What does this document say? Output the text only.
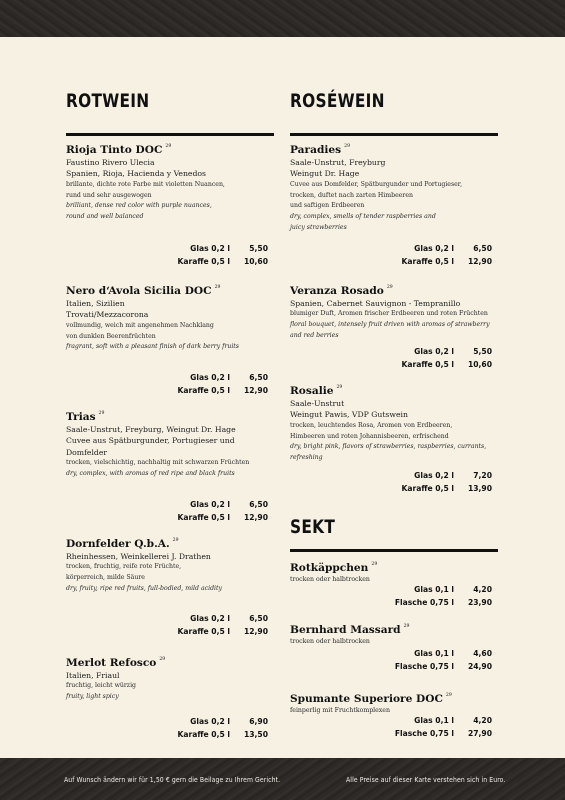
ROTWEIN
Rioja Tinto DOC $^{29}$
Faustino Rivero Ulecia
Spanien, Rioja, Hacienda y Venedos
brillante, dichte rote Farbe mit violetten Nuancen,
rund und sehr ausgewogen
brilliant, dense red color with purple nuances,
round and well balanced
Glas 0,2 l	5,50
Karaffe 0,5 l	10,60
Nero d‘Avola Sicilia DOC $^{29}$
Italien, Sizilien
Trovati/Mezzacorona
vollmundig, weich mit angenehmen Nachklang
von dunklen Beerenfrüchten
fragrant, soft with a pleasant finish of dark berry fruits
Glas 0,2 l	6,50
Karaffe 0,5 l	12,90
Trias $^{29}$
Saale-Unstrut, Freyburg, Weingut Dr. Hage
Cuvee aus Spätburgunder, Portugieser und
Domfelder
trocken, vielschichtig, nachhaltig mit schwarzen Früchten
dry, complex, with aromas of red ripe and black fruits
Glas 0,2 l	6,50
Karaffe 0,5 l	12,90
Dornfelder Q.b.A. $^{29}$
Rheinhessen, Weinkellerei J. Drathen
trocken, fruchtig, reife rote Früchte,
körperreich, milde Säure
dry, fruity, ripe red fruits, full-bodied, mild acidity
Glas 0,2 l	6,50
Karaffe 0,5 l	12,90
Merlot Refosco $^{29}$
Italien, Friaul
fruchtig, leicht würzig
fruity, light spicy
Glas 0,2 l	6,90
Karaffe 0,5 l	13,50
ROSÉWEIN
Paradies $^{29}$
Saale-Unstrut, Freyburg
Weingut Dr. Hage
Cuvee aus Domfelder, Spätburgunder und Portugieser,
trocken, duftet nach zarten Himbeeren
und saftigen Erdbeeren
dry, complex, smells of tender raspberries and
juicy strawberries
Glas 0,2 l	6,50
Karaffe 0,5 l	12,90
Veranza Rosado $^{29}$
Spanien, Cabernet Sauvignon - Tempranillo
blumiger Duft, Aromen frischer Erdbeeren und roten Früchten
floral bouquet, intensely fruit driven with aromas of strawberry
and red berries
Glas 0,2 l	5,50
Karaffe 0,5 l	10,60
Rosalie $^{29}$
Saale-Unstrut
Weingut Pawis, VDP Gutswein
trocken, leuchtendes Rosa, Aromen von Erdbeeren,
Himbeeren und roten Johannisbeeren, erfrischend
dry, bright pink, flavors of strawberries, raspberries, currants,
refreshing
Glas 0,2 l	7,20
Karaffe 0,5 l	13,90
SEKT
Rotkäppchen $^{29}$
trocken oder halbtrocken
Glas 0,1 l	4,20
Flasche 0,75 l	23,90
Bernhard Massard $^{29}$
trocken oder halbtrocken
Glas 0,1 l	4,60
Flasche 0,75 l	24,90
Spumante Superiore DOC $^{29}$
feinperlig mit Fruchtkomplexen
Glas 0,1 l	4,20
Flasche 0,75 l	27,90
Auf Wunsch ändern wir für 1,50 € gern die Beilage zu Ihrem Gericht.	Alle Preise auf dieser Karte verstehen sich in Euro.
